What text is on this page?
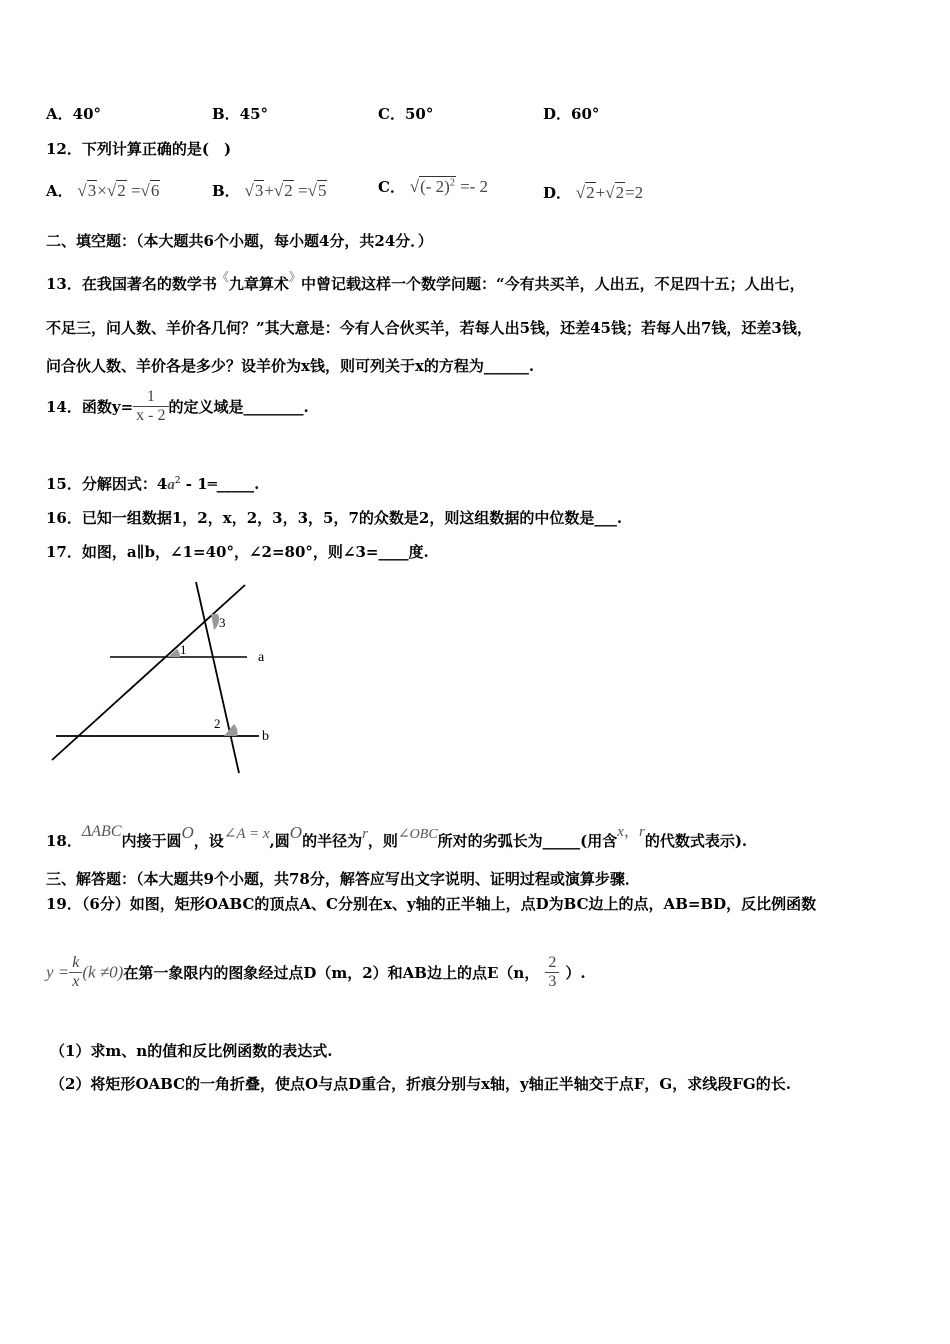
A．40°	B．45°	C．50°	D．60°
12．下列计算正确的是(　)
A． √3×√2 =√6	B． √3+√2 =√5	C． √(- 2)$^2$ =- 2	D． √2+√2=2
二、填空题：（本大题共6个小题，每小题4分，共24分．）
13．在我国著名的数学书《九章算术》中曾记载这样一个数学问题：“今有共买羊，人出五，不足四十五；人出七，
不足三，问人数、羊价各几何？”其大意是：今有人合伙买羊，若每人出5钱，还差45钱；若每人出7钱，还差3钱，
问合伙人数、羊价各是多少？设羊价为x钱，则可列关于x的方程为______.
14．函数$y= \frac{1}{x - 2}$ 的定义域是________.
15．分解因式：$4a^2$ - 1═_____.
16．已知一组数据1，2，x，2，3，3，5，7的众数是2，则这组数据的中位数是___.
17．如图，a∥b，∠1=40°，∠2=80°，则∠3=____度.
1
2
3
a
b
18．ΔABC内接于圆O，设∠A = x,圆O的半径为r，则∠OBC所对的劣弧长为_____(用含x，r的代数式表示).
三、解答题：（本大题共9个小题，共78分，解答应写出文字说明、证明过程或演算步骤．
19．（6分）如图，矩形OABC的顶点A、C分别在x、y轴的正半轴上，点D为BC边上的点，AB=BD，反比例函数
$y = \frac{k}{x} (k \ne 0)$在第一象限内的图象经过点D（m，2）和AB边上的点E（n， $\frac{2}{3}$ ）.
（1）求m、n的值和反比例函数的表达式.
（2）将矩形OABC的一角折叠，使点O与点D重合，折痕分别与x轴，y轴正半轴交于点F，G，求线段FG的长.
